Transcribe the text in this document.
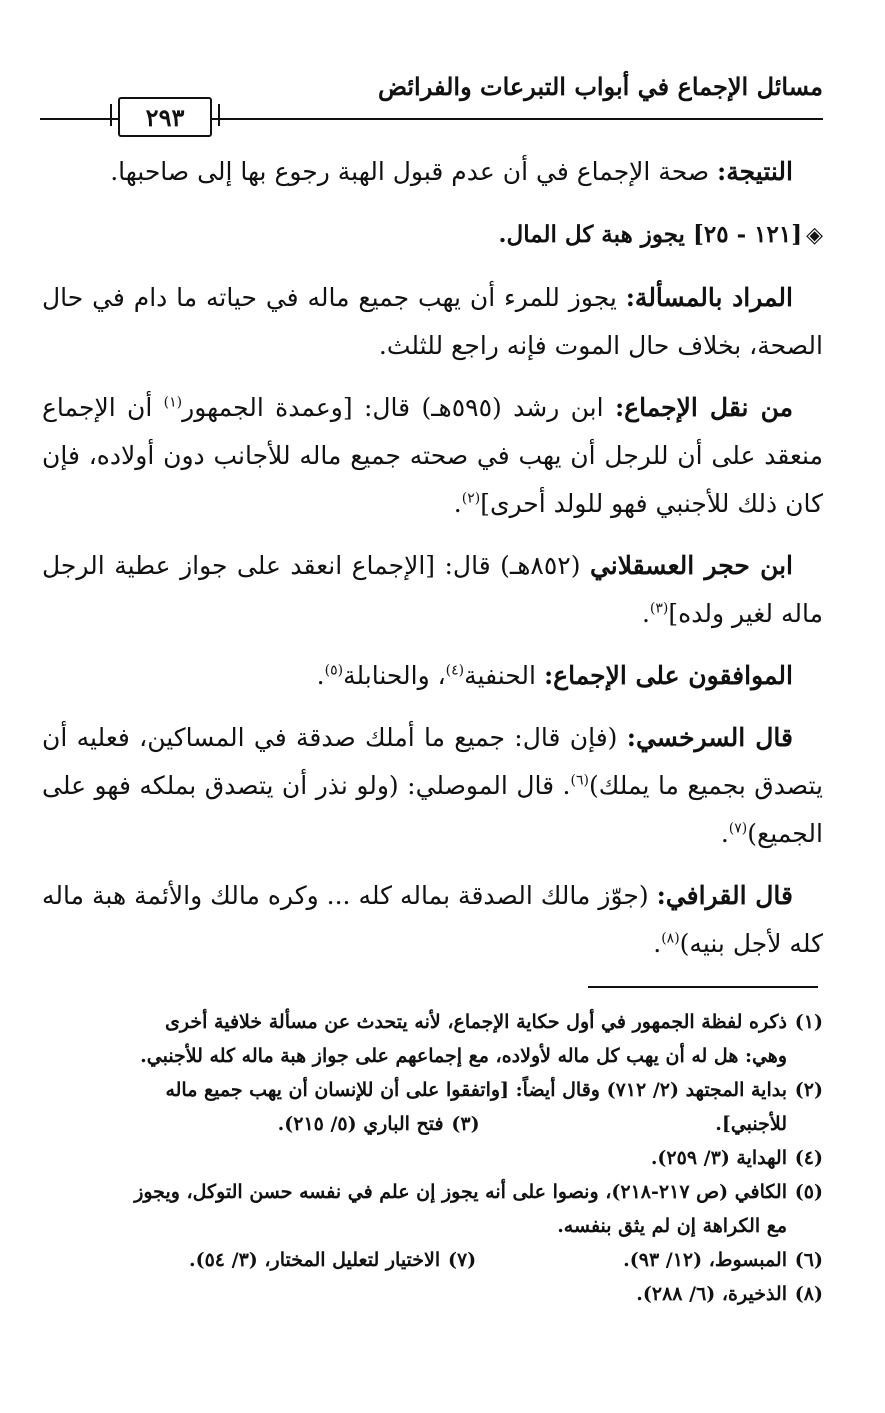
مسائل الإجماع في أبواب التبرعات والفرائض
٢٩٣

النتيجة: صحة الإجماع في أن عدم قبول الهبة رجوع بها إلى صاحبها.

◈[١٢١ - ٢٥] يجوز هبة كل المال.

المراد بالمسألة: يجوز للمرء أن يهب جميع ماله في حياته ما دام في حال الصحة، بخلاف حال الموت فإنه راجع للثلث.

من نقل الإجماع: ابن رشد (٥٩٥هـ) قال: [وعمدة الجمهور$^{(١)}$ أن الإجماع منعقد على أن للرجل أن يهب في صحته جميع ماله للأجانب دون أولاده، فإن كان ذلك للأجنبي فهو للولد أحرى]$^{(٢)}$.

ابن حجر العسقلاني (٨٥٢هـ) قال: [الإجماع انعقد على جواز عطية الرجل ماله لغير ولده]$^{(٣)}$.

الموافقون على الإجماع: الحنفية$^{(٤)}$، والحنابلة$^{(٥)}$.

قال السرخسي: (فإن قال: جميع ما أملك صدقة في المساكين، فعليه أن يتصدق بجميع ما يملك)$^{(٦)}$. قال الموصلي: (ولو نذر أن يتصدق بملكه فهو على الجميع)$^{(٧)}$.

قال القرافي: (جوّز مالك الصدقة بماله كله ... وكره مالك والأئمة هبة ماله كله لأجل بنيه)$^{(٨)}$.

(١)ذكره لفظة الجمهور في أول حكاية الإجماع، لأنه يتحدث عن مسألة خلافية أخرى

وهي: هل له أن يهب كل ماله لأولاده، مع إجماعهم على جواز هبة ماله كله للأجنبي.

(٢)بداية المجتهد (٢/ ٧١٢) وقال أيضاً: [واتفقوا على أن للإنسان أن يهب جميع ماله

للأجنبي].

(٣)فتح الباري (٥/ ٢١٥).

(٤)الهداية (٣/ ٢٥٩).

(٥)الكافي (ص ٢١٧-٢١٨)، ونصوا على أنه يجوز إن علم في نفسه حسن التوكل، ويجوز

مع الكراهة إن لم يثق بنفسه.

(٦)المبسوط، (١٢/ ٩٣).

(٧)الاختيار لتعليل المختار، (٣/ ٥٤).

(٨)الذخيرة، (٦/ ٢٨٨).
